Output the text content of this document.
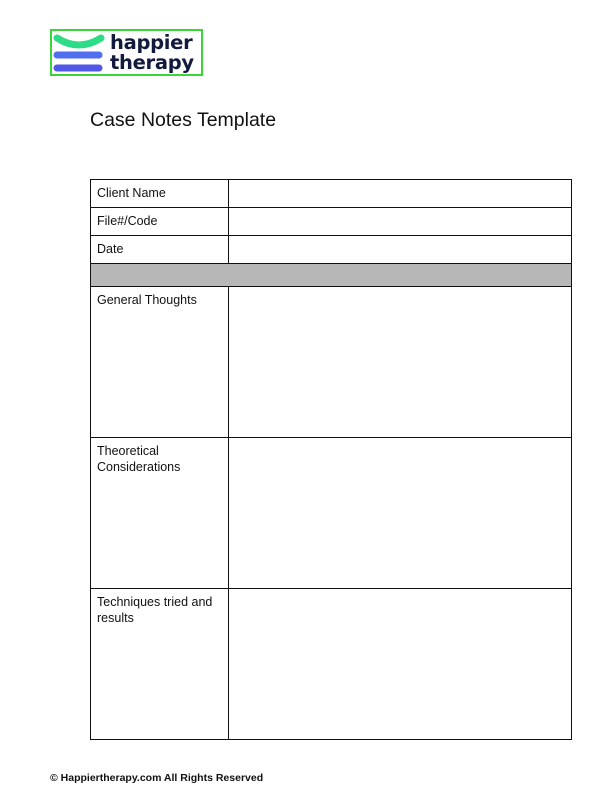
happier
therapy
Case Notes Template
Client Name	
File#/Code	
Date	

General Thoughts	
Theoretical Considerations	
Techniques tried and results	
© Happiertherapy.com All Rights Reserved
